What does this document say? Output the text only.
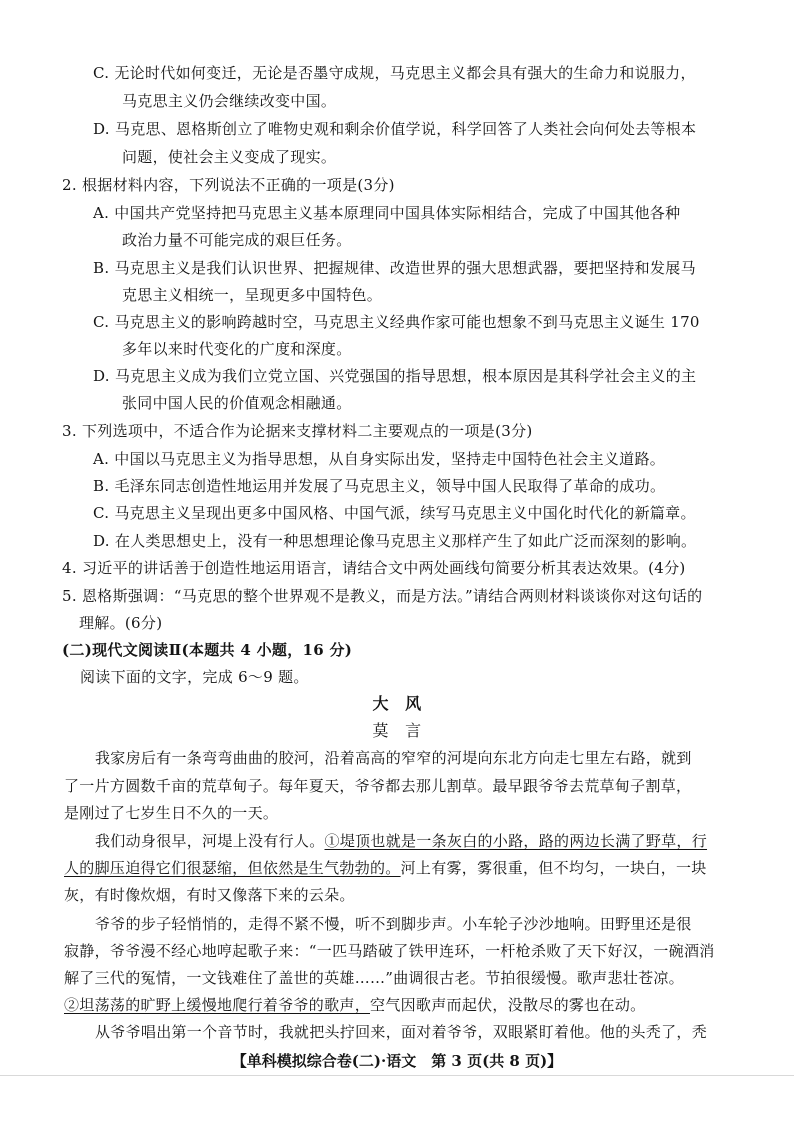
C. 无论时代如何变迁，无论是否墨守成规，马克思主义都会具有强大的生命力和说服力，
马克思主义仍会继续改变中国。
D. 马克思、恩格斯创立了唯物史观和剩余价值学说，科学回答了人类社会向何处去等根本
问题，使社会主义变成了现实。
2. 根据材料内容，下列说法不正确的一项是(3分)
A. 中国共产党坚持把马克思主义基本原理同中国具体实际相结合，完成了中国其他各种
政治力量不可能完成的艰巨任务。
B. 马克思主义是我们认识世界、把握规律、改造世界的强大思想武器，要把坚持和发展马
克思主义相统一，呈现更多中国特色。
C. 马克思主义的影响跨越时空，马克思主义经典作家可能也想象不到马克思主义诞生 170
多年以来时代变化的广度和深度。
D. 马克思主义成为我们立党立国、兴党强国的指导思想，根本原因是其科学社会主义的主
张同中国人民的价值观念相融通。
3. 下列选项中，不适合作为论据来支撑材料二主要观点的一项是(3分)
A. 中国以马克思主义为指导思想，从自身实际出发，坚持走中国特色社会主义道路。
B. 毛泽东同志创造性地运用并发展了马克思主义，领导中国人民取得了革命的成功。
C. 马克思主义呈现出更多中国风格、中国气派，续写马克思主义中国化时代化的新篇章。
D. 在人类思想史上，没有一种思想理论像马克思主义那样产生了如此广泛而深刻的影响。
4. 习近平的讲话善于创造性地运用语言，请结合文中两处画线句简要分析其表达效果。(4分)
5. 恩格斯强调：“马克思的整个世界观不是教义，而是方法。”请结合两则材料谈谈你对这句话的
理解。(6分)
(二)现代文阅读Ⅱ(本题共 4 小题，16 分)
阅读下面的文字，完成 6～9 题。
大　风
莫　言
我家房后有一条弯弯曲曲的胶河，沿着高高的窄窄的河堤向东北方向走七里左右路，就到
了一片方圆数千亩的荒草甸子。每年夏天，爷爷都去那儿割草。最早跟爷爷去荒草甸子割草，
是刚过了七岁生日不久的一天。
我们动身很早，河堤上没有行人。①堤顶也就是一条灰白的小路，路的两边长满了野草，行
人的脚压迫得它们很瑟缩，但依然是生气勃勃的。河上有雾，雾很重，但不均匀，一块白，一块
灰，有时像炊烟，有时又像落下来的云朵。
爷爷的步子轻悄悄的，走得不紧不慢，听不到脚步声。小车轮子沙沙地响。田野里还是很
寂静，爷爷漫不经心地哼起歌子来：“一匹马踏破了铁甲连环，一杆枪杀败了天下好汉，一碗酒消
解了三代的冤情，一文钱难住了盖世的英雄……”曲调很古老。节拍很缓慢。歌声悲壮苍凉。
②坦荡荡的旷野上缓慢地爬行着爷爷的歌声，空气因歌声而起伏，没散尽的雾也在动。
从爷爷唱出第一个音节时，我就把头拧回来，面对着爷爷，双眼紧盯着他。他的头秃了，秃
【单科模拟综合卷(二)·语文　第 3 页(共 8 页)】
